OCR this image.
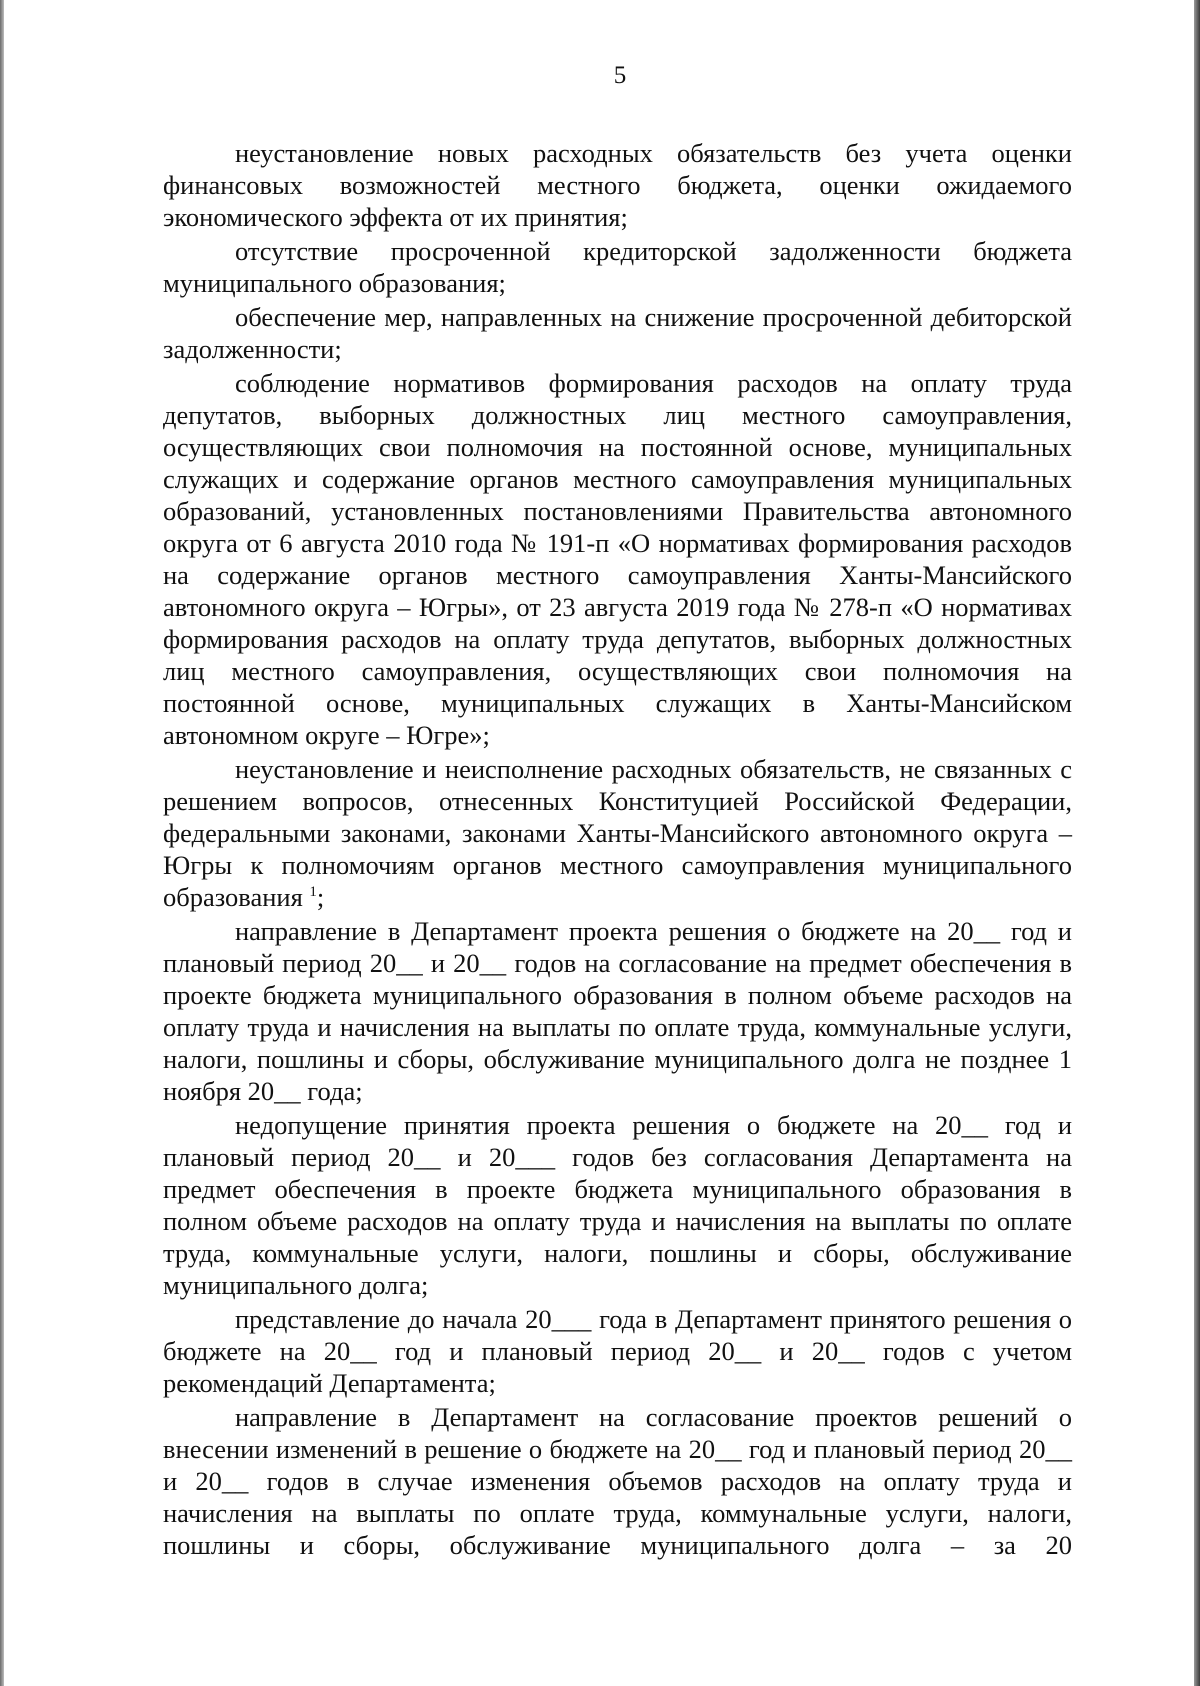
5

неустановление новых расходных обязательств без учета оценки финансовых возможностей местного бюджета, оценки ожидаемого экономического эффекта от их принятия;

отсутствие просроченной кредиторской задолженности бюджета муниципального образования;

обеспечение мер, направленных на снижение просроченной дебиторской задолженности;

соблюдение нормативов формирования расходов на оплату труда депутатов, выборных должностных лиц местного самоуправления, осуществляющих свои полномочия на постоянной основе, муниципальных служащих и содержание органов местного самоуправления муниципальных образований, установленных постановлениями Правительства автономного округа от 6 августа 2010 года № 191-п «О нормативах формирования расходов на содержание органов местного самоуправления Ханты-Мансийского автономного округа – Югры», от 23 августа 2019 года № 278-п «О нормативах формирования расходов на оплату труда депутатов, выборных должностных лиц местного самоуправления, осуществляющих свои полномочия на постоянной основе, муниципальных служащих в Ханты-Мансийском автономном округе – Югре»;

неустановление и неисполнение расходных обязательств, не связанных с решением вопросов, отнесенных Конституцией Российской Федерации, федеральными законами, законами Ханты-Мансийского автономного округа – Югры к полномочиям органов местного самоуправления муниципального образования $^1$;

направление в Департамент проекта решения о бюджете на 20__ год и плановый период 20__ и 20__ годов на согласование на предмет обеспечения в проекте бюджета муниципального образования в полном объеме расходов на оплату труда и начисления на выплаты по оплате труда, коммунальные услуги, налоги, пошлины и сборы, обслуживание муниципального долга не позднее 1 ноября 20__ года;

недопущение принятия проекта решения о бюджете на 20__ год и плановый период 20__ и 20___ годов без согласования Департамента на предмет обеспечения в проекте бюджета муниципального образования в полном объеме расходов на оплату труда и начисления на выплаты по оплате труда, коммунальные услуги, налоги, пошлины и сборы, обслуживание муниципального долга;

представление до начала 20___ года в Департамент принятого решения о бюджете на 20__ год и плановый период 20__ и 20__ годов с учетом рекомендаций Департамента;

направление в Департамент на согласование проектов решений о внесении изменений в решение о бюджете на 20__ год и плановый период 20__ и 20__ годов в случае изменения объемов расходов на оплату труда и начисления на выплаты по оплате труда, коммунальные услуги, налоги, пошлины и сборы, обслуживание муниципального долга – за 20
